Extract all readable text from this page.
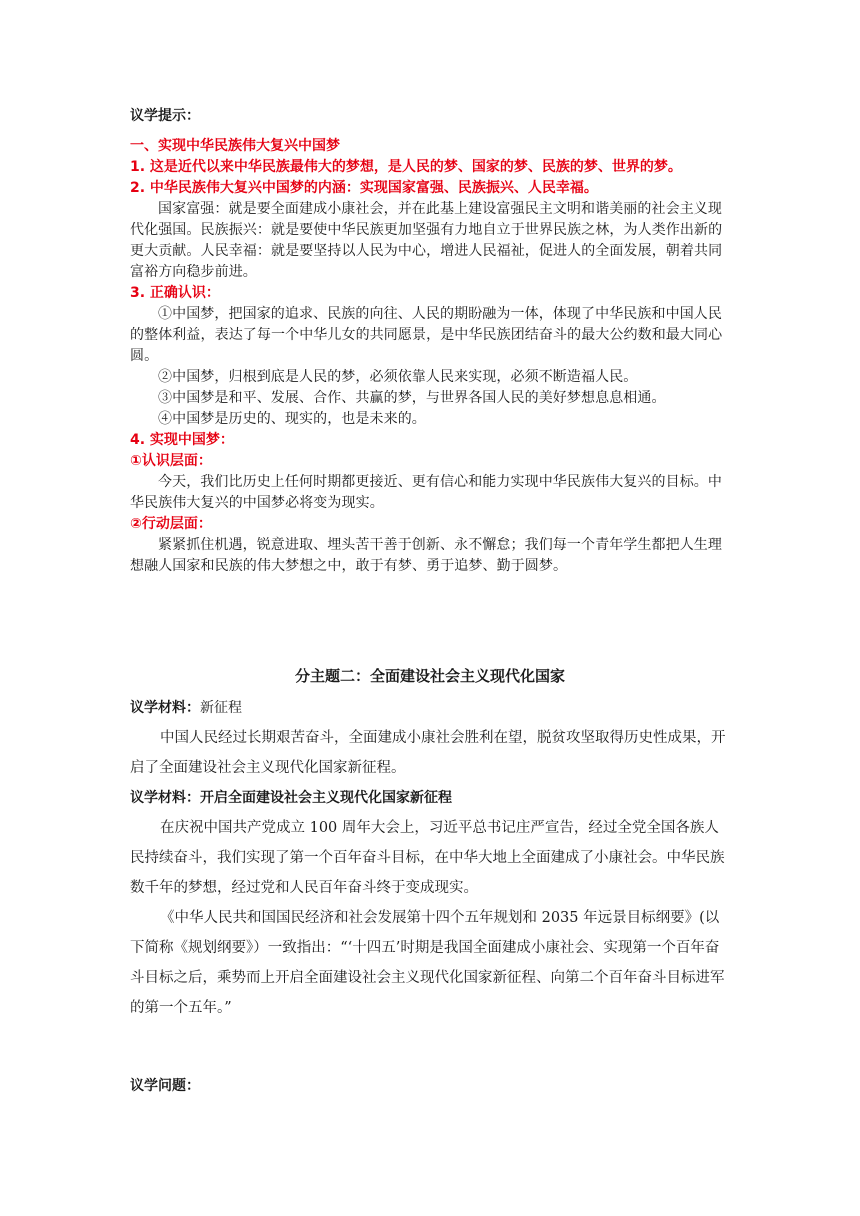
议学提示：

一、实现中华民族伟大复兴中国梦

1. 这是近代以来中华民族最伟大的梦想，是人民的梦、国家的梦、民族的梦、世界的梦。

2. 中华民族伟大复兴中国梦的内涵：实现国家富强、民族振兴、人民幸福。

国家富强：就是要全面建成小康社会，并在此基上建设富强民主文明和谐美丽的社会主义现代化强国。民族振兴：就是要使中华民族更加坚强有力地自立于世界民族之林，为人类作出新的更大贡献。人民幸福：就是要坚持以人民为中心，增进人民福祉，促进人的全面发展，朝着共同富裕方向稳步前进。

3. 正确认识：

①中国梦，把国家的追求、民族的向往、人民的期盼融为一体，体现了中华民族和中国人民的整体利益，表达了每一个中华儿女的共同愿景，是中华民族团结奋斗的最大公约数和最大同心圆。

②中国梦，归根到底是人民的梦，必须依靠人民来实现，必须不断造福人民。

③中国梦是和平、发展、合作、共赢的梦，与世界各国人民的美好梦想息息相通。

④中国梦是历史的、现实的，也是未来的。

4. 实现中国梦：

①认识层面：

今天，我们比历史上任何时期都更接近、更有信心和能力实现中华民族伟大复兴的目标。中华民族伟大复兴的中国梦必将变为现实。

②行动层面：

紧紧抓住机遇，锐意进取、埋头苦干善于创新、永不懈怠；我们每一个青年学生都把人生理想融人国家和民族的伟大梦想之中，敢于有梦、勇于追梦、勤于圆梦。

分主题二：全面建设社会主义现代化国家

议学材料：新征程

中国人民经过长期艰苦奋斗，全面建成小康社会胜利在望，脱贫攻坚取得历史性成果，开启了全面建设社会主义现代化国家新征程。

议学材料：开启全面建设社会主义现代化国家新征程

在庆祝中国共产党成立 100 周年大会上，习近平总书记庄严宣告，经过全党全国各族人民持续奋斗，我们实现了第一个百年奋斗目标，在中华大地上全面建成了小康社会。中华民族数千年的梦想，经过党和人民百年奋斗终于变成现实。

《中华人民共和国国民经济和社会发展第十四个五年规划和 2035 年远景目标纲要》(以下简称《规划纲要》）一致指出：“‘十四五’时期是我国全面建成小康社会、实现第一个百年奋斗目标之后，乘势而上开启全面建设社会主义现代化国家新征程、向第二个百年奋斗目标进军的第一个五年。”

议学问题：
